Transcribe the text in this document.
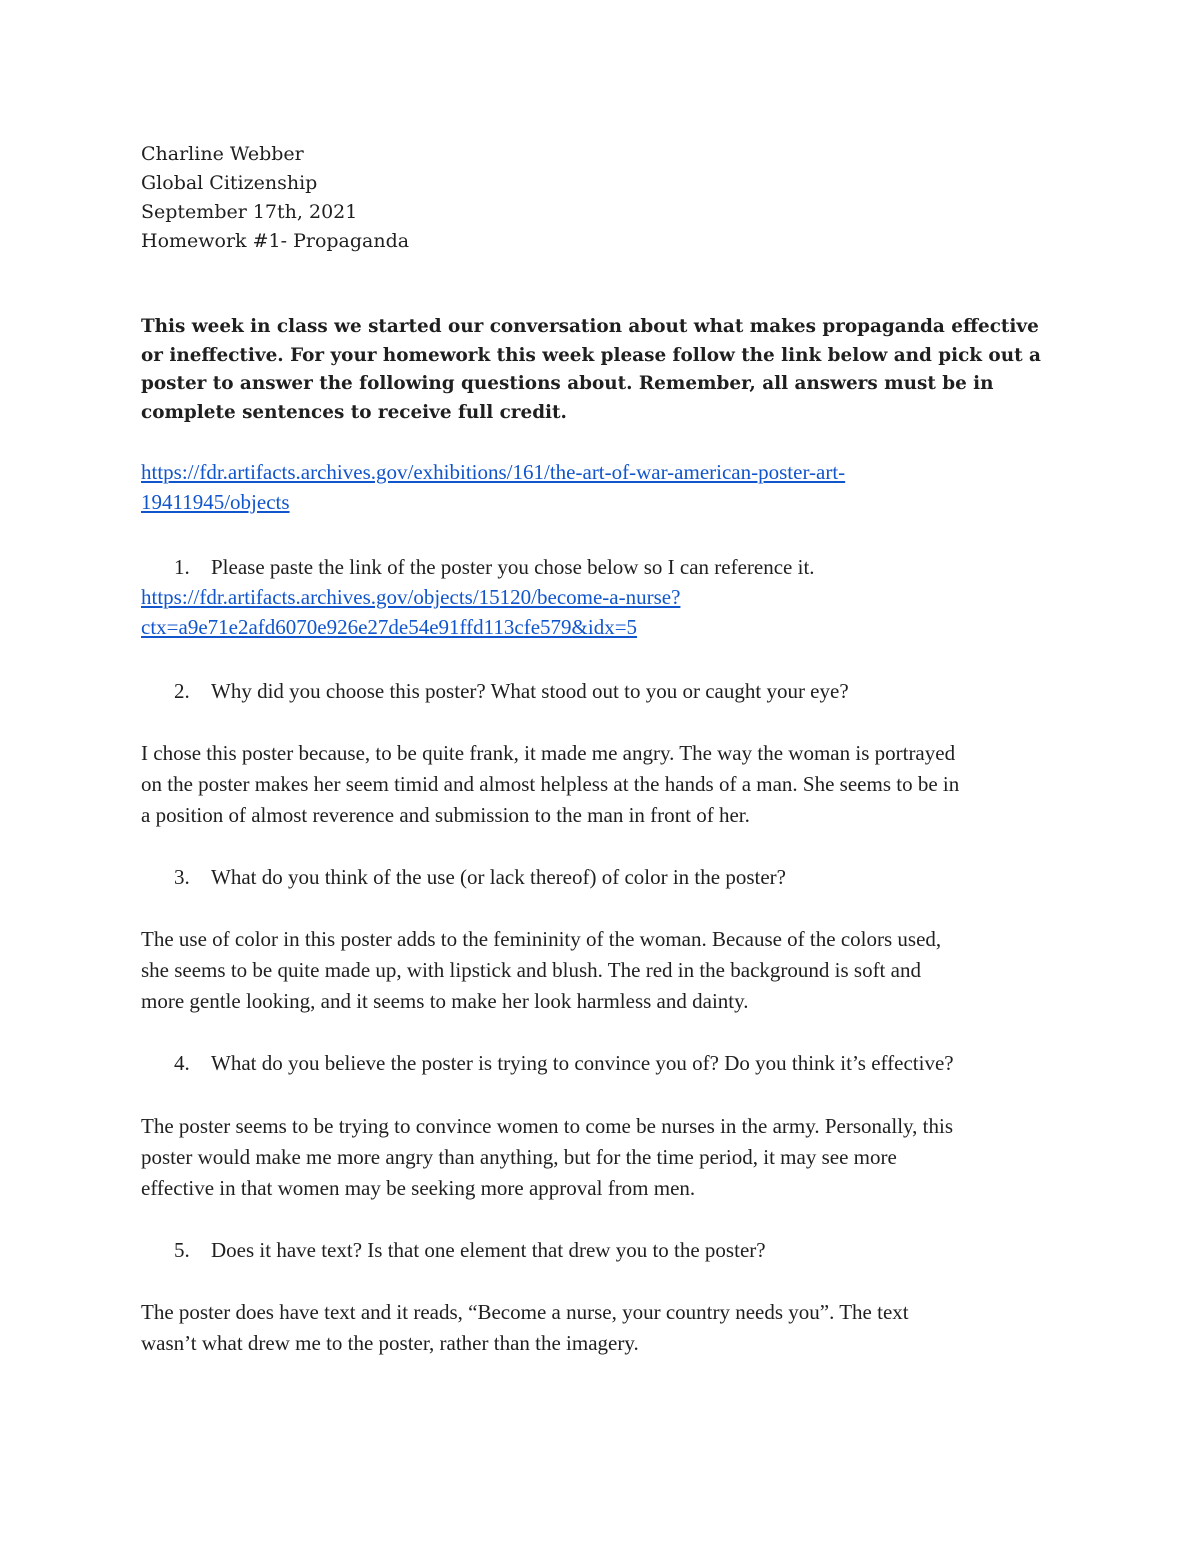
Charline Webber
Global Citizenship
September 17th, 2021
Homework #1- Propaganda
This week in class we started our conversation about what makes propaganda effective or ineffective. For your homework this week please follow the link below and pick out a poster to answer the following questions about. Remember, all answers must be in complete sentences to receive full credit.
https://fdr.artifacts.archives.gov/exhibitions/161/the-art-of-war-american-poster-art-
19411945/objects
1. Please paste the link of the poster you chose below so I can reference it.
https://fdr.artifacts.archives.gov/objects/15120/become-a-nurse?
ctx=a9e71e2afd6070e926e27de54e91ffd113cfe579&idx=5
2. Why did you choose this poster? What stood out to you or caught your eye?
I chose this poster because, to be quite frank, it made me angry. The way the woman is portrayed
on the poster makes her seem timid and almost helpless at the hands of a man. She seems to be in
a position of almost reverence and submission to the man in front of her.
3. What do you think of the use (or lack thereof) of color in the poster?
The use of color in this poster adds to the femininity of the woman. Because of the colors used,
she seems to be quite made up, with lipstick and blush. The red in the background is soft and
more gentle looking, and it seems to make her look harmless and dainty.
4. What do you believe the poster is trying to convince you of? Do you think it’s effective?
The poster seems to be trying to convince women to come be nurses in the army. Personally, this
poster would make me more angry than anything, but for the time period, it may see more
effective in that women may be seeking more approval from men.
5. Does it have text? Is that one element that drew you to the poster?
The poster does have text and it reads, “Become a nurse, your country needs you”. The text
wasn’t what drew me to the poster, rather than the imagery.
